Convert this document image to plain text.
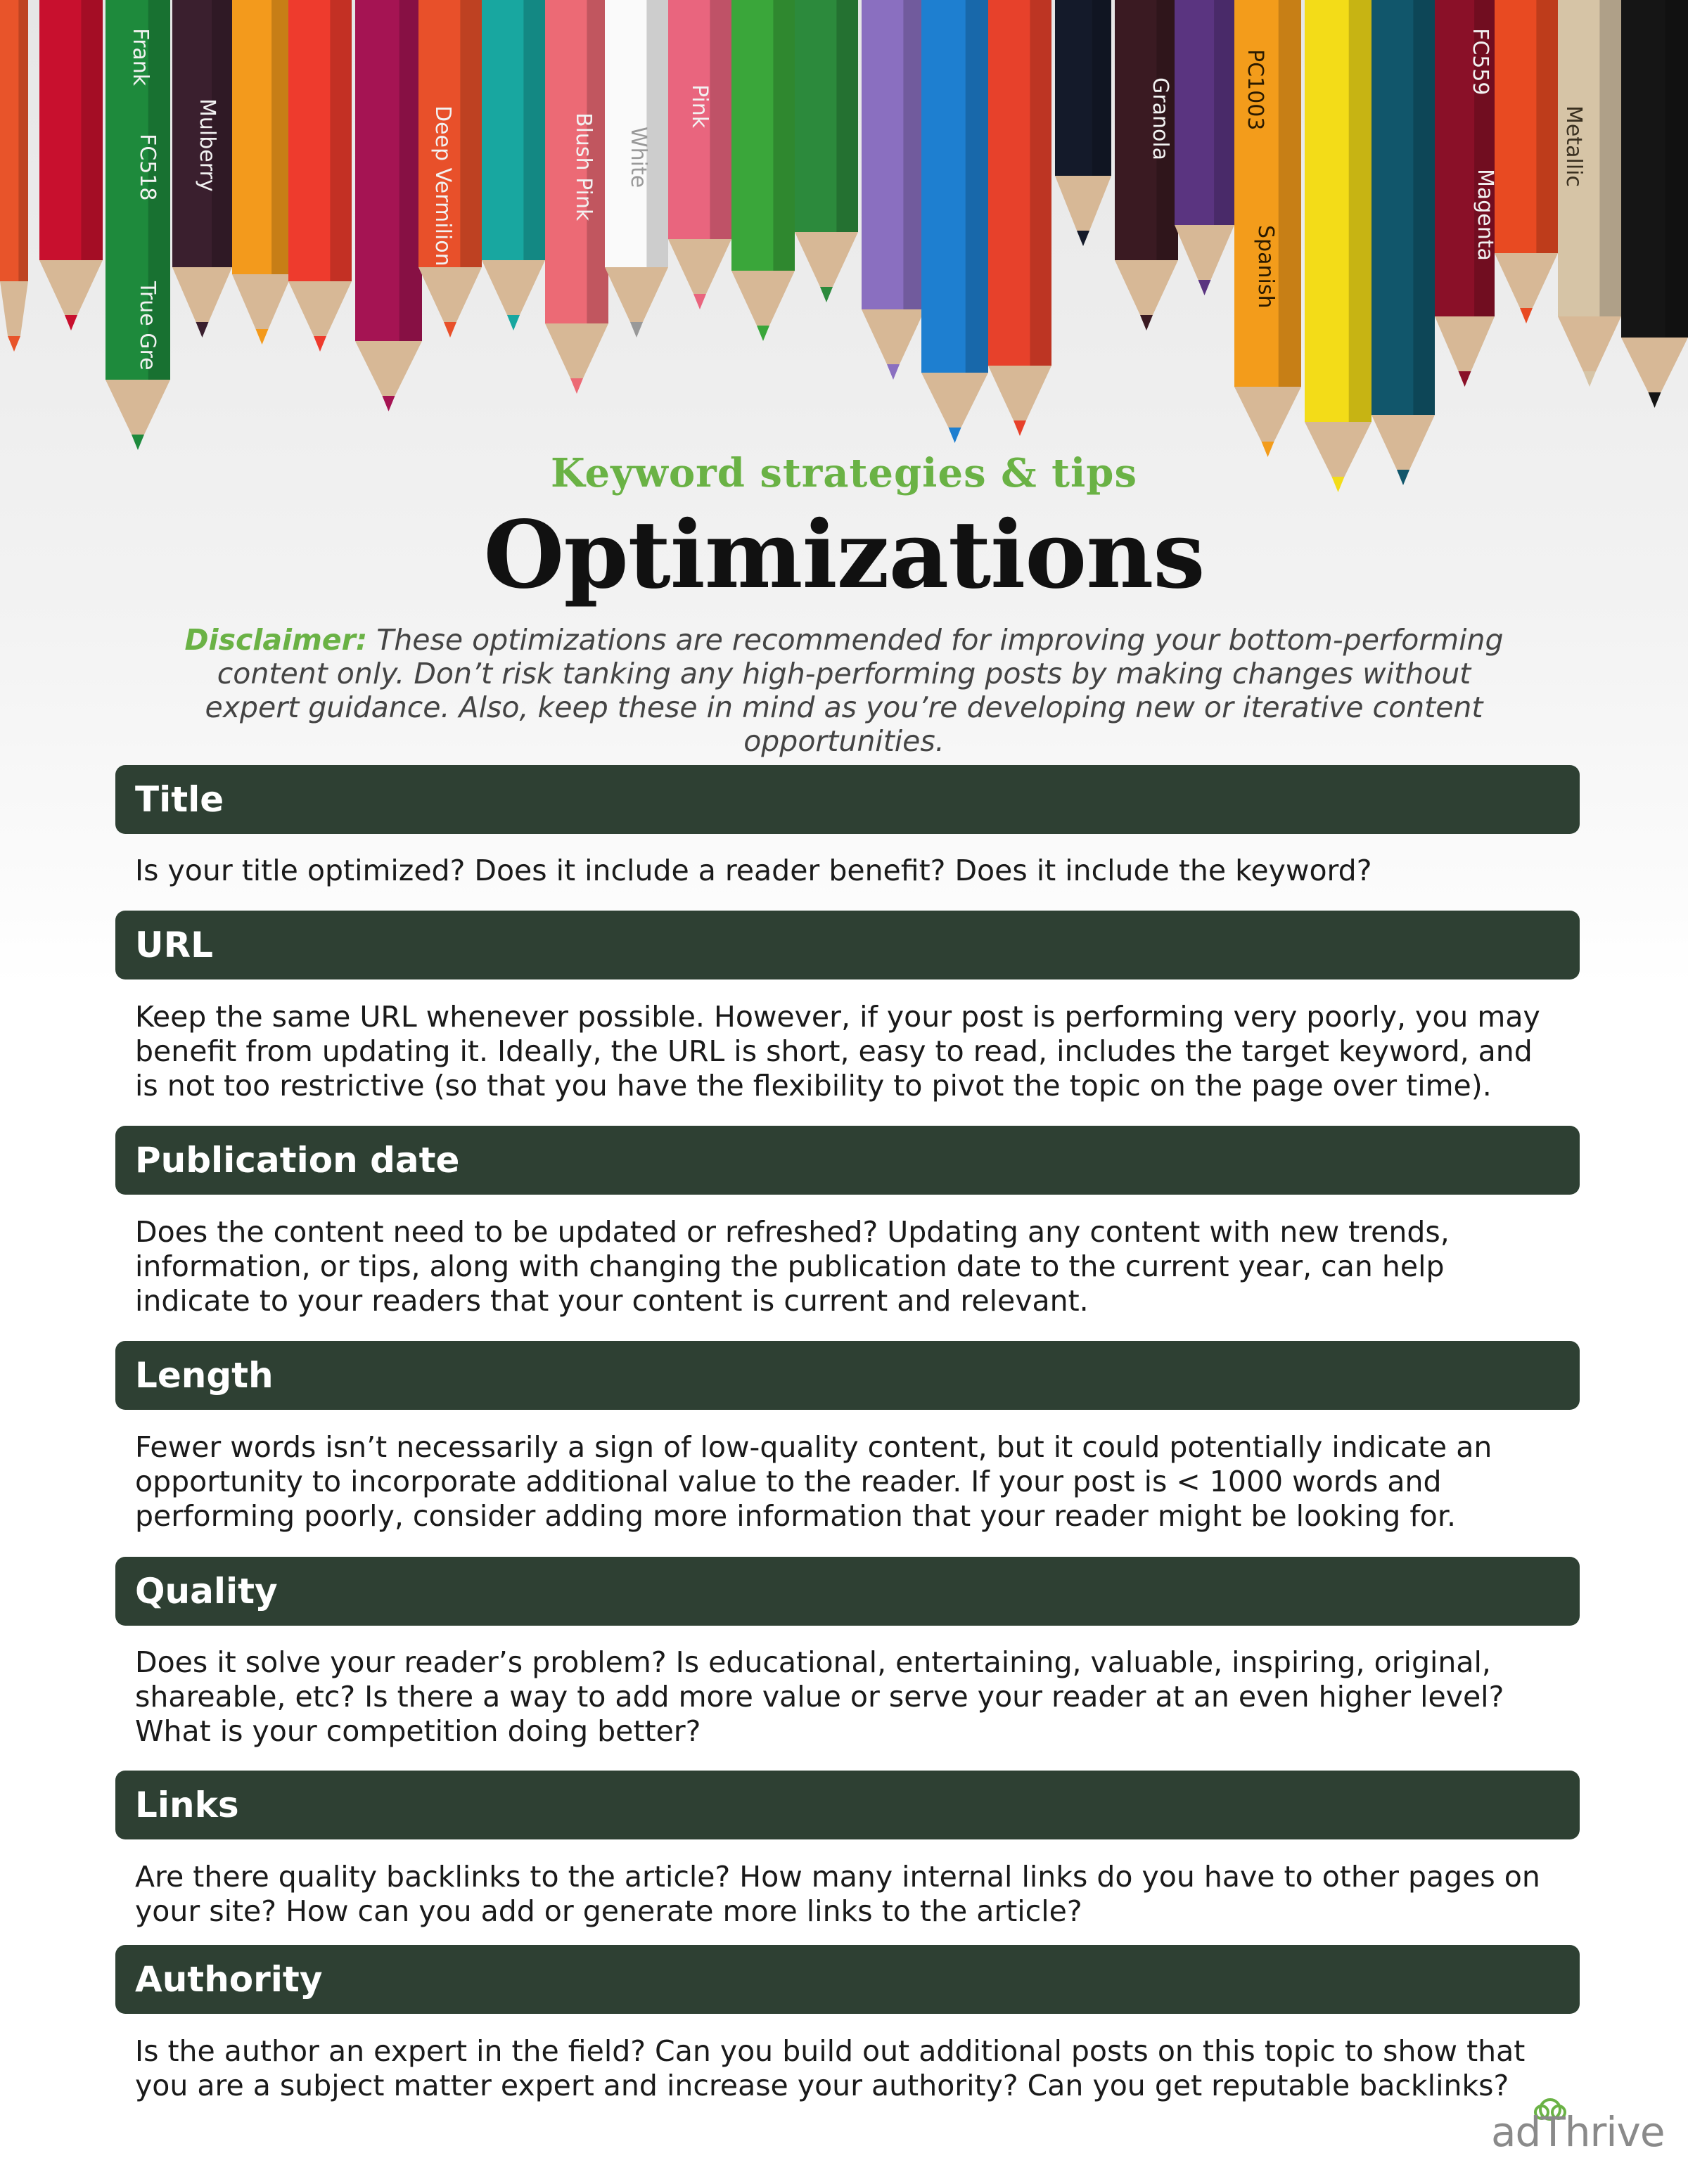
Frank
FC518
True Gre
Mulberry	Deep Vermilion	Blush Pink White
Pink	Granola	PC1003
Spanish
FC559
Magenta
Metallic
Keyword strategies & tips
Optimizations
Disclaimer: These optimizations are recommended for improving your bottom-performing content only. Don’t risk tanking any high-performing posts by making changes without expert guidance. Also, keep these in mind as you’re developing new or iterative content opportunities.
Title
Is your title optimized? Does it include a reader benefit? Does it include the keyword?
URL
Keep the same URL whenever possible. However, if your post is performing very poorly, you may benefit from updating it. Ideally, the URL is short, easy to read, includes the target keyword, and is not too restrictive (so that you have the flexibility to pivot the topic on the page over time).
Publication date
Does the content need to be updated or refreshed? Updating any content with new trends, information, or tips, along with changing the publication date to the current year, can help indicate to your readers that your content is current and relevant.
Length
Fewer words isn’t necessarily a sign of low-quality content, but it could potentially indicate an opportunity to incorporate additional value to the reader. If your post is < 1000 words and performing poorly, consider adding more information that your reader might be looking for.
Quality
Does it solve your reader’s problem? Is educational, entertaining, valuable, inspiring, original, shareable, etc? Is there a way to add more value or serve your reader at an even higher level? What is your competition doing better?
Links
Are there quality backlinks to the article? How many internal links do you have to other pages on your site? How can you add or generate more links to the article?
Authority
Is the author an expert in the field? Can you build out additional posts on this topic to show that you are a subject matter expert and increase your authority? Can you get reputable backlinks?
adThrive
